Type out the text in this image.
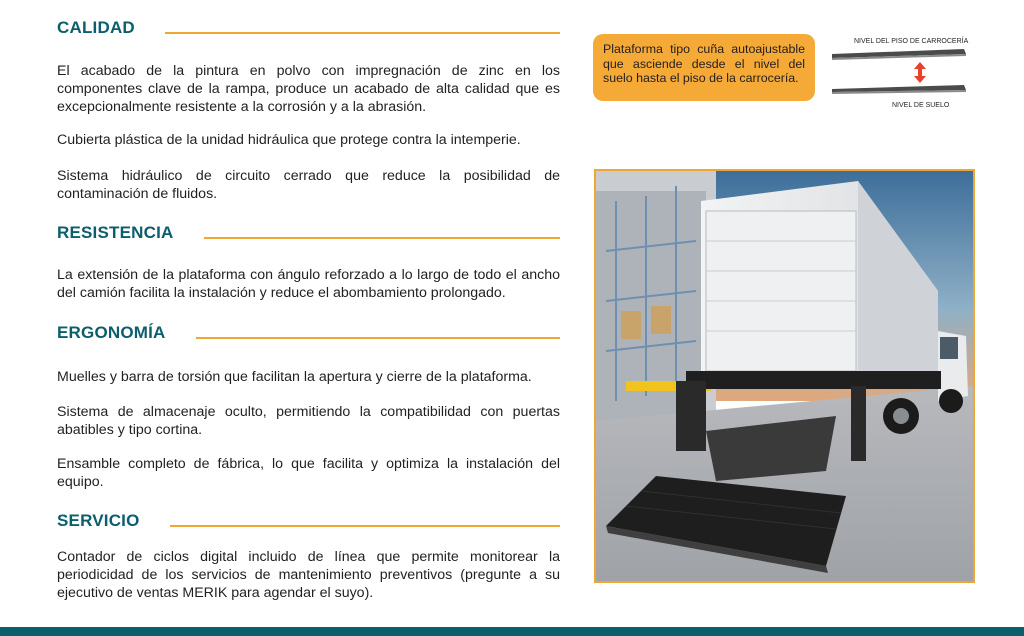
CALIDAD

El acabado de la pintura en polvo con impregnación de zinc en los componentes clave de la rampa, produce un acabado de alta calidad que es excepcionalmente resistente a la corrosión y a la abrasión.

Cubierta plástica de la unidad hidráulica que protege contra la intemperie.

Sistema hidráulico de circuito cerrado que reduce la posibilidad de contaminación de fluidos.

RESISTENCIA

La extensión de la plataforma con ángulo reforzado a lo largo de todo el ancho del camión facilita la instalación y reduce el abombamiento prolongado.

ERGONOMÍA

Muelles y barra de torsión que facilitan la apertura y cierre de la plataforma.

Sistema de almacenaje oculto, permitiendo la compatibilidad con puertas abatibles y tipo cortina.

Ensamble completo de fábrica, lo que facilita y optimiza la instalación del equipo.

SERVICIO

Contador de ciclos digital incluido de línea que permite monitorear la periodicidad de los servicios de mantenimiento preventivos (pregunte a su ejecutivo de ventas MERIK para agendar el suyo).

Plataforma tipo cuña autoajustable que asciende desde el nivel del suelo hasta el piso de la carrocería.
NIVEL DEL PISO DE CARROCERÍA
NIVEL DE SUELO
